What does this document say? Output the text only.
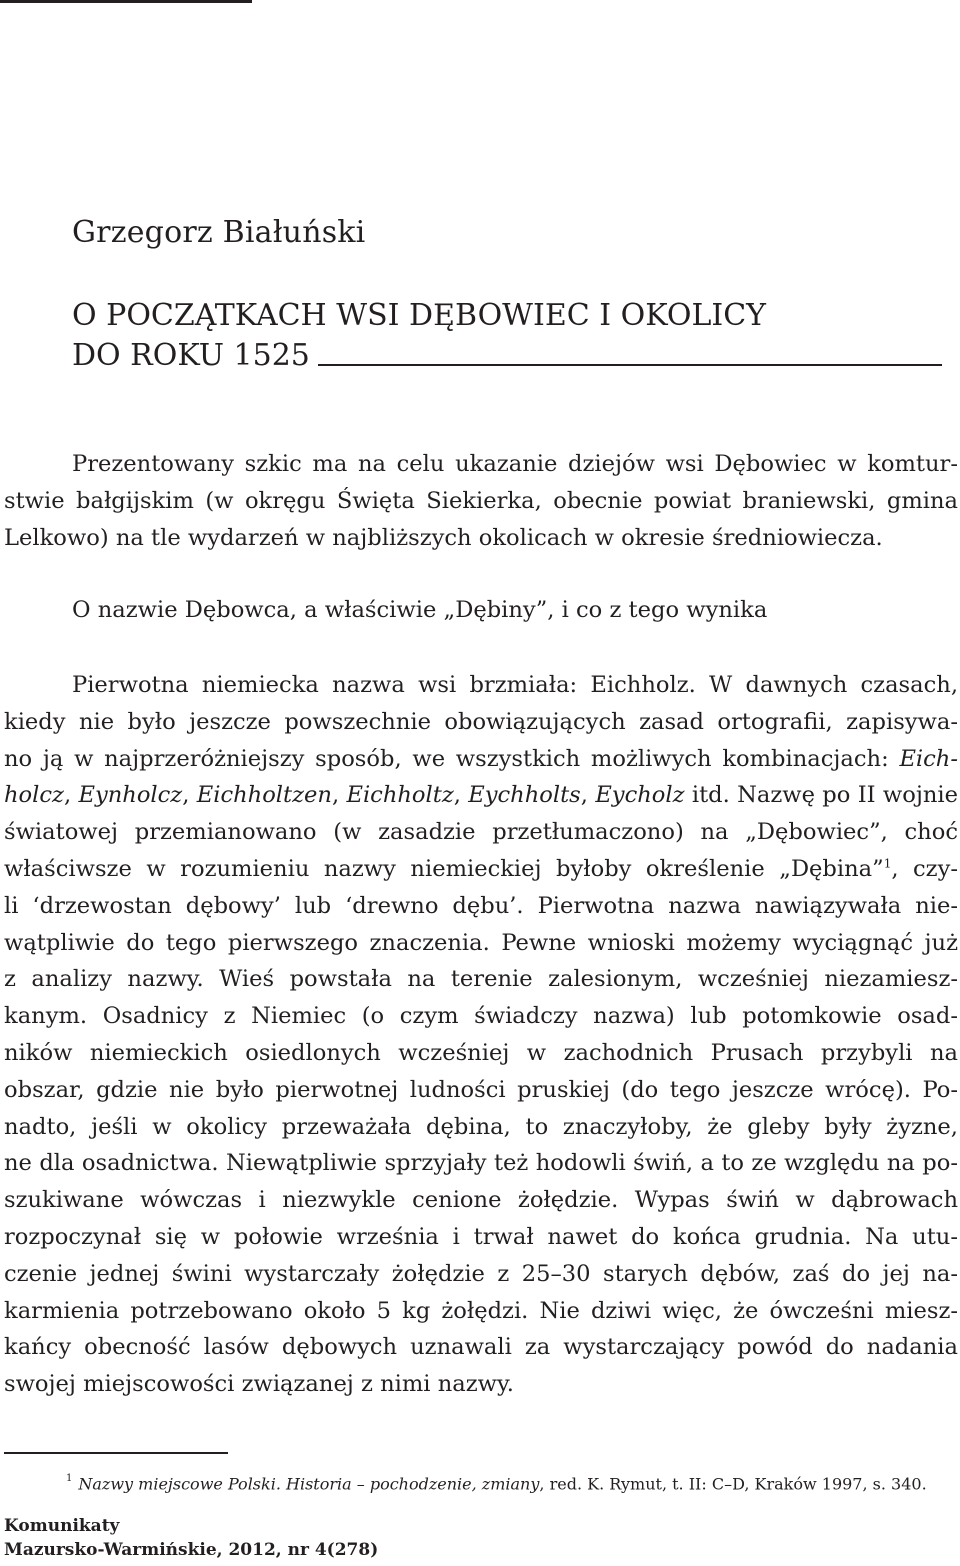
Grzegorz Białuński
O POCZĄTKACH WSI DĘBOWIEC I OKOLICY
DO ROKU 1525
Prezentowany szkic ma na celu ukazanie dziejów wsi Dębowiec w komtur-
stwie bałgijskim (w okręgu Święta Siekierka, obecnie powiat braniewski, gmina
Lelkowo) na tle wydarzeń w najbliższych okolicach w okresie średniowiecza.
O nazwie Dębowca, a właściwie „Dębiny”, i co z tego wynika
Pierwotna niemiecka nazwa wsi brzmiała: Eichholz. W dawnych czasach,
kiedy nie było jeszcze powszechnie obowiązujących zasad ortografii, zapisywa-
no ją w najprzeróżniejszy sposób, we wszystkich możliwych kombinacjach: Eich-
holcz, Eynholcz, Eichholtzen, Eichholtz, Eychholts, Eycholz itd. Nazwę po II wojnie
światowej przemianowano (w zasadzie przetłumaczono) na „Dębowiec”, choć
właściwsze w rozumieniu nazwy niemieckiej byłoby określenie „Dębina”$^1$, czy-
li ‘drzewostan dębowy’ lub ‘drewno dębu’. Pierwotna nazwa nawiązywała nie-
wątpliwie do tego pierwszego znaczenia. Pewne wnioski możemy wyciągnąć już
z analizy nazwy. Wieś powstała na terenie zalesionym, wcześniej niezamiesz-
kanym. Osadnicy z Niemiec (o czym świadczy nazwa) lub potomkowie osad-
ników niemieckich osiedlonych wcześniej w zachodnich Prusach przybyli na
obszar, gdzie nie było pierwotnej ludności pruskiej (do tego jeszcze wrócę). Po-
nadto, jeśli w okolicy przeważała dębina, to znaczyłoby, że gleby były żyzne,
ne dla osadnictwa. Niewątpliwie sprzyjały też hodowli świń, a to ze względu na po-
szukiwane wówczas i niezwykle cenione żołędzie. Wypas świń w dąbrowach
rozpoczynał się w połowie września i trwał nawet do końca grudnia. Na utu-
czenie jednej świni wystarczały żołędzie z 25–30 starych dębów, zaś do jej na-
karmienia potrzebowano około 5 kg żołędzi. Nie dziwi więc, że ówcześni miesz-
kańcy obecność lasów dębowych uznawali za wystarczający powód do nadania
swojej miejscowości związanej z nimi nazwy.
$^1$ Nazwy miejscowe Polski. Historia – pochodzenie, zmiany, red. K. Rymut, t. II: C–D, Kraków 1997, s. 340.
Komunikaty
Mazursko-Warmińskie, 2012, nr 4(278)
